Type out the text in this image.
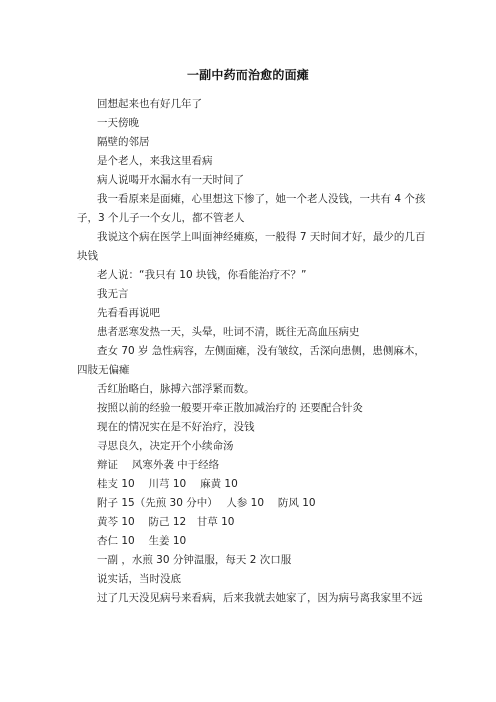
一副中药而治愈的面瘫

回想起来也有好几年了

一天傍晚

隔壁的邻居

是个老人，来我这里看病

病人说喝开水漏水有一天时间了

我一看原来是面瘫，心里想这下惨了，她一个老人没钱，一共有 4 个孩子，3 个儿子一个女儿，都不管老人

我说这个病在医学上叫面神经瘫痪，一般得 7 天时间才好，最少的几百块钱

老人说：“我只有 10 块钱，你看能治疗不？”

我无言

先看看再说吧

患者恶寒发热一天，头晕，吐词不清，既往无高血压病史

查女 70 岁 急性病容，左侧面瘫，没有皱纹，舌深向患侧，患侧麻木，四肢无偏瘫

舌红胎略白，脉搏六部浮紧而数。

按照以前的经验一般要开牵正散加减治疗的 还要配合针灸

现在的情况实在是不好治疗，没钱

寻思良久，决定开个小续命汤

辩证　 风寒外袭 中于经络

桂支 10　 川芎 10　 麻黄 10

附子 15（先煎 30 分中）　 人参 10　 防风 10

黄芩 10　 防己 12　甘草 10

杏仁 10　 生姜 10

一副 ，水煎 30 分钟温服，每天 2 次口服

说实话，当时没底

过了几天没见病号来看病，后来我就去她家了，因为病号离我家里不远
